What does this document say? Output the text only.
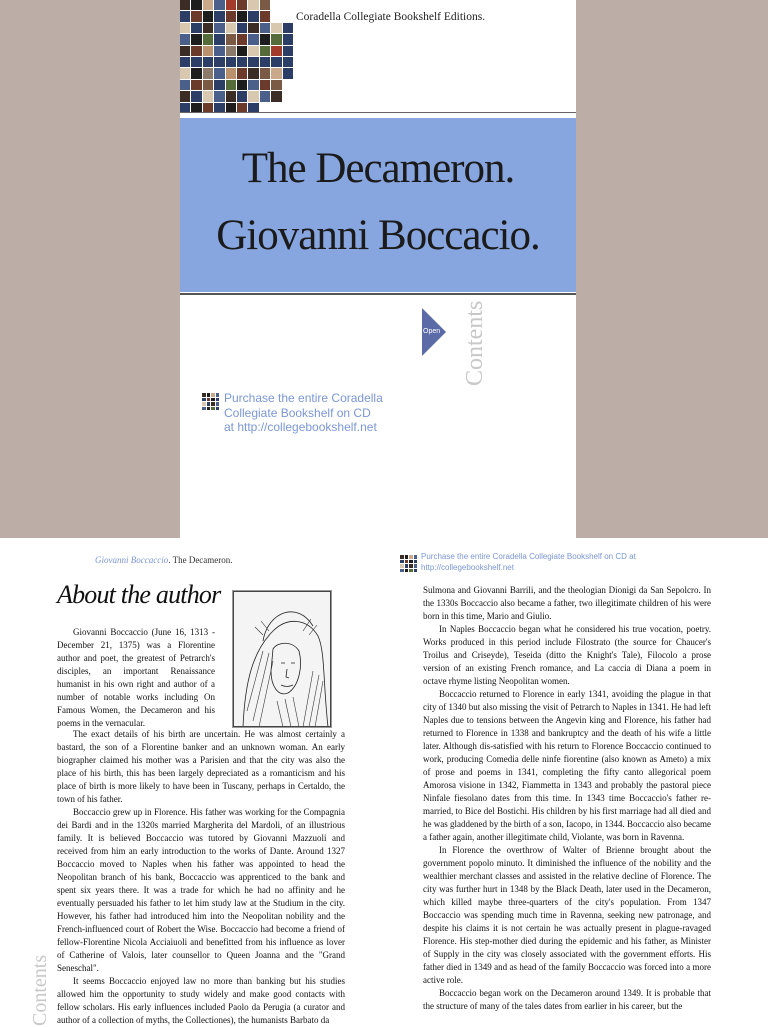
Coradella Collegiate Bookshelf Editions.
The Decameron.
Giovanni Boccacio.
Open Contents
Purchase the entire Coradella Collegiate Bookshelf on CD at http://collegebookshelf.net
Giovanni Boccaccio. The Decameron.
About the author

Giovanni Boccaccio (June 16, 1313 - December 21, 1375) was a Florentine author and poet, the greatest of Petrarch's disciples, an important Renaissance humanist in his own right and author of a number of notable works including On Famous Women, the Decameron and his poems in the vernacular.

The exact details of his birth are uncertain. He was almost certainly a bastard, the son of a Florentine banker and an unknown woman. An early biographer claimed his mother was a Parisien and that the city was also the place of his birth, this has been largely depreciated as a romanticism and his place of birth is more likely to have been in Tuscany, perhaps in Certaldo, the town of his father.

Boccaccio grew up in Florence. His father was working for the Compagnia dei Bardi and in the 1320s married Margherita del Mardoli, of an illustrious family. It is believed Boccaccio was tutored by Giovanni Mazzuoli and received from him an early introduction to the works of Dante. Around 1327 Boccaccio moved to Naples when his father was appointed to head the Neopolitan branch of his bank, Boccaccio was apprenticed to the bank and spent six years there. It was a trade for which he had no affinity and he eventually persuaded his father to let him study law at the Studium in the city. However, his father had introduced him into the Neopolitan nobility and the French-influenced court of Robert the Wise. Boccaccio had become a friend of fellow-Florentine Nicola Acciaiuoli and benefitted from his influence as lover of Catherine of Valois, later counsellor to Queen Joanna and the "Grand Seneschal".

It seems Boccaccio enjoyed law no more than banking but his studies allowed him the opportunity to study widely and make good contacts with fellow scholars. His early influences included Paolo da Perugia (a curator and author of a collection of myths, the Collectiones), the humanists Barbato da

Contents
Purchase the entire Coradella Collegiate Bookshelf on CD at http://collegebookshelf.net

Sulmona and Giovanni Barrili, and the theologian Dionigi da San Sepolcro. In the 1330s Boccaccio also became a father, two illegitimate children of his were born in this time, Mario and Giulio.

In Naples Boccaccio began what he considered his true vocation, poetry. Works produced in this period include Filostrato (the source for Chaucer's Troilus and Criseyde), Teseida (ditto the Knight's Tale), Filocolo a prose version of an existing French romance, and La caccia di Diana a poem in octave rhyme listing Neopolitan women.

Boccaccio returned to Florence in early 1341, avoiding the plague in that city of 1340 but also missing the visit of Petrarch to Naples in 1341. He had left Naples due to tensions between the Angevin king and Florence, his father had returned to Florence in 1338 and bankruptcy and the death of his wife a little later. Although dis-satisfied with his return to Florence Boccaccio continued to work, producing Comedia delle ninfe fiorentine (also known as Ameto) a mix of prose and poems in 1341, completing the fifty canto allegorical poem Amorosa visione in 1342, Fiammetta in 1343 and probably the pastoral piece Ninfale fiesolano dates from this time. In 1343 time Boccaccio's father re-married, to Bice del Bostichi. His children by his first marriage had all died and he was gladdened by the birth of a son, Iacopo, in 1344. Boccaccio also became a father again, another illegitimate child, Violante, was born in Ravenna.

In Florence the overthrow of Walter of Brienne brought about the government popolo minuto. It diminished the influence of the nobility and the wealthier merchant classes and assisted in the relative decline of Florence. The city was further hurt in 1348 by the Black Death, later used in the Decameron, which killed maybe three-quarters of the city's population. From 1347 Boccaccio was spending much time in Ravenna, seeking new patronage, and despite his claims it is not certain he was actually present in plague-ravaged Florence. His step-mother died during the epidemic and his father, as Minister of Supply in the city was closely associated with the government efforts. His father died in 1349 and as head of the family Boccaccio was forced into a more active role.

Boccaccio began work on the Decameron around 1349. It is probable that the structure of many of the tales dates from earlier in his career, but the
